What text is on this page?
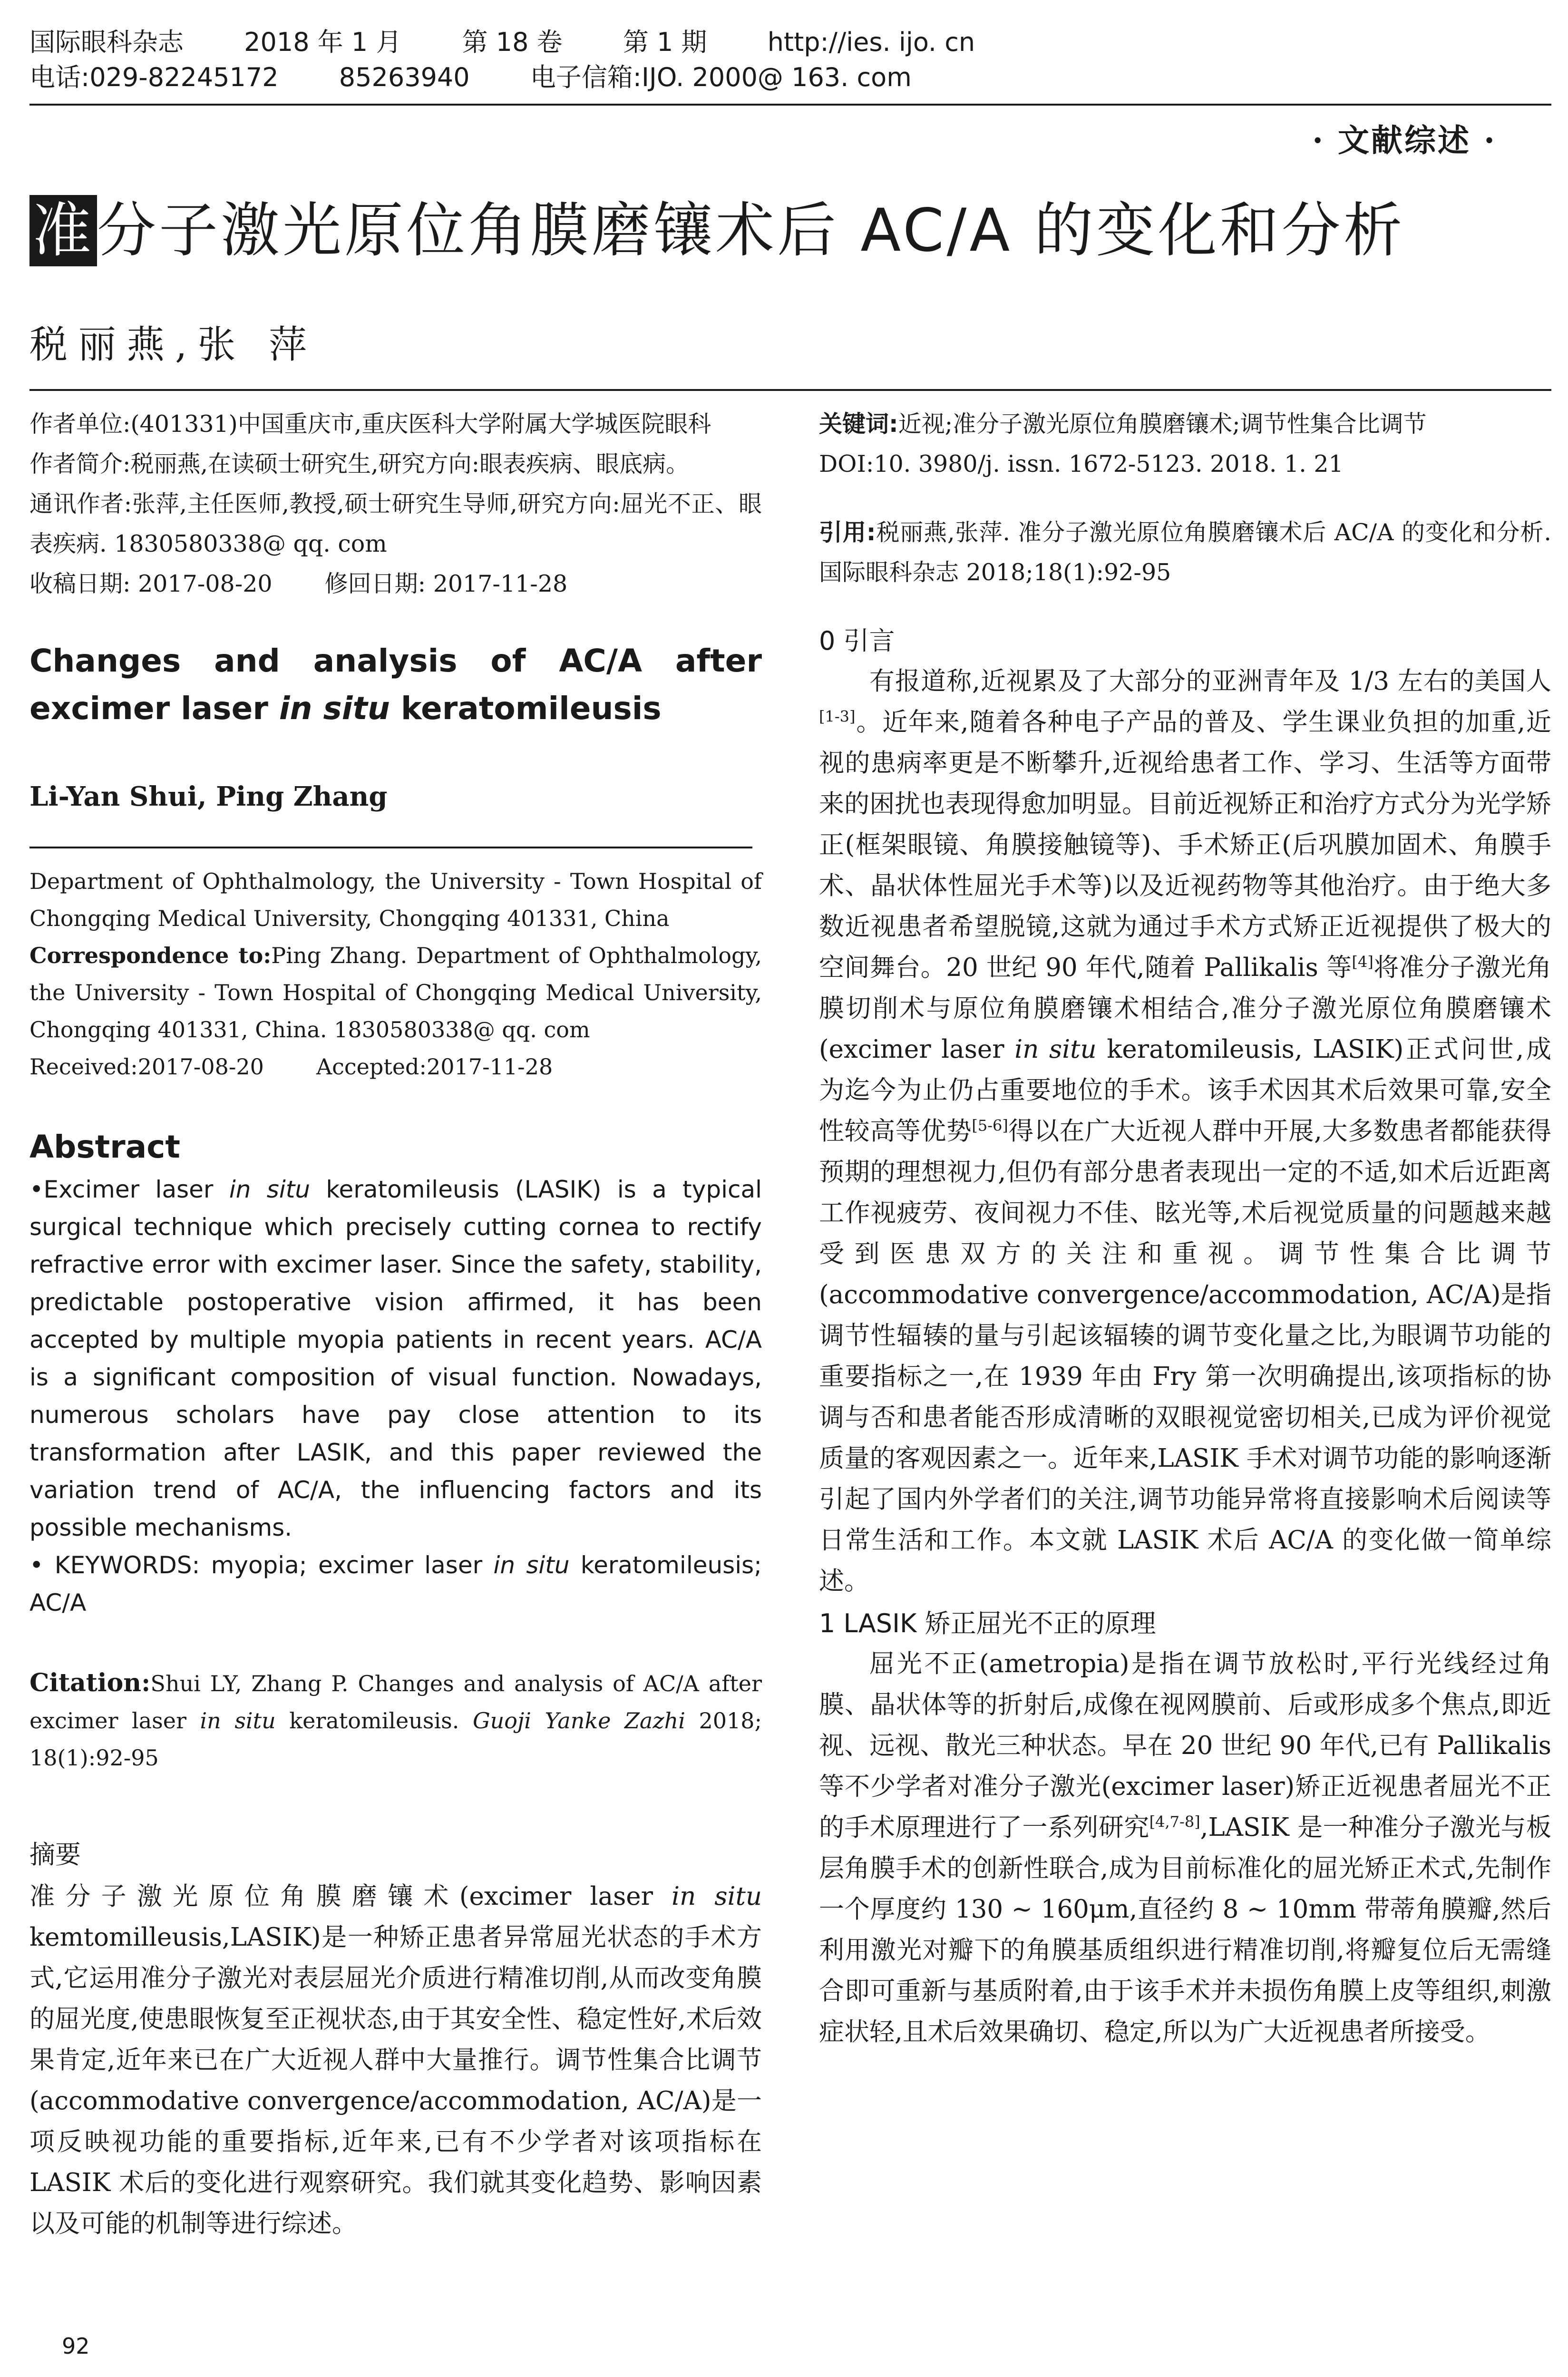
国际眼科杂志 2018 年 1 月 第 18 卷 第 1 期 http://ies. ijo. cn
电话:029-82245172 85263940 电子信箱:IJO. 2000@ 163. com
· 文献综述 ·
准分子激光原位角膜磨镶术后 AC/A 的变化和分析
税丽燕,张 萍

作者单位:(401331)中国重庆市,重庆医科大学附属大学城医院眼科

作者简介:税丽燕,在读硕士研究生,研究方向:眼表疾病、眼底病。

通讯作者:张萍,主任医师,教授,硕士研究生导师,研究方向:屈光不正、眼表疾病. 1830580338@ qq. com

收稿日期: 2017-08-20 修回日期: 2017-11-28

Changes and analysis of AC/A after excimer laser in situ keratomileusis
Li-Yan Shui, Ping Zhang

Department of Ophthalmology, the University - Town Hospital of Chongqing Medical University, Chongqing 401331, China

Correspondence to:Ping Zhang. Department of Ophthalmology, the University - Town Hospital of Chongqing Medical University, Chongqing 401331, China. 1830580338@ qq. com

Received:2017-08-20 Accepted:2017-11-28

Abstract

•Excimer laser in situ keratomileusis (LASIK) is a typical surgical technique which precisely cutting cornea to rectify refractive error with excimer laser. Since the safety, stability, predictable postoperative vision affirmed, it has been accepted by multiple myopia patients in recent years. AC/A is a significant composition of visual function. Nowadays, numerous scholars have pay close attention to its transformation after LASIK, and this paper reviewed the variation trend of AC/A, the influencing factors and its possible mechanisms.

• KEYWORDS: myopia; excimer laser in situ keratomileusis; AC/A

Citation:Shui LY, Zhang P. Changes and analysis of AC/A after excimer laser in situ keratomileusis. Guoji Yanke Zazhi 2018; 18(1):92-95

摘要

准分子激光原位角膜磨镶术(excimer laser in situ kemtomilleusis,LASIK)是一种矫正患者异常屈光状态的手术方式,它运用准分子激光对表层屈光介质进行精准切削,从而改变角膜的屈光度,使患眼恢复至正视状态,由于其安全性、稳定性好,术后效果肯定,近年来已在广大近视人群中大量推行。调节性集合比调节(accommodative convergence/accommodation, AC/A)是一项反映视功能的重要指标,近年来,已有不少学者对该项指标在 LASIK 术后的变化进行观察研究。我们就其变化趋势、影响因素以及可能的机制等进行综述。

关键词:近视;准分子激光原位角膜磨镶术;调节性集合比调节

DOI:10. 3980/j. issn. 1672-5123. 2018. 1. 21

引用:税丽燕,张萍. 准分子激光原位角膜磨镶术后 AC/A 的变化和分析. 国际眼科杂志 2018;18(1):92-95

0 引言

有报道称,近视累及了大部分的亚洲青年及 1/3 左右的美国人[1-3]。近年来,随着各种电子产品的普及、学生课业负担的加重,近视的患病率更是不断攀升,近视给患者工作、学习、生活等方面带来的困扰也表现得愈加明显。目前近视矫正和治疗方式分为光学矫正(框架眼镜、角膜接触镜等)、手术矫正(后巩膜加固术、角膜手术、晶状体性屈光手术等)以及近视药物等其他治疗。由于绝大多数近视患者希望脱镜,这就为通过手术方式矫正近视提供了极大的空间舞台。20 世纪 90 年代,随着 Pallikalis 等[4]将准分子激光角膜切削术与原位角膜磨镶术相结合,准分子激光原位角膜磨镶术(excimer laser in situ keratomileusis, LASIK)正式问世,成为迄今为止仍占重要地位的手术。该手术因其术后效果可靠,安全性较高等优势[5-6]得以在广大近视人群中开展,大多数患者都能获得预期的理想视力,但仍有部分患者表现出一定的不适,如术后近距离工作视疲劳、夜间视力不佳、眩光等,术后视觉质量的问题越来越受到医患双方的关注和重视。调节性集合比调节(accommodative convergence/accommodation, AC/A)是指调节性辐辏的量与引起该辐辏的调节变化量之比,为眼调节功能的重要指标之一,在 1939 年由 Fry 第一次明确提出,该项指标的协调与否和患者能否形成清晰的双眼视觉密切相关,已成为评价视觉质量的客观因素之一。近年来,LASIK 手术对调节功能的影响逐渐引起了国内外学者们的关注,调节功能异常将直接影响术后阅读等日常生活和工作。本文就 LASIK 术后 AC/A 的变化做一简单综述。

1 LASIK 矫正屈光不正的原理

屈光不正(ametropia)是指在调节放松时,平行光线经过角膜、晶状体等的折射后,成像在视网膜前、后或形成多个焦点,即近视、远视、散光三种状态。早在 20 世纪 90 年代,已有 Pallikalis 等不少学者对准分子激光(excimer laser)矫正近视患者屈光不正的手术原理进行了一系列研究[4,7-8],LASIK 是一种准分子激光与板层角膜手术的创新性联合,成为目前标准化的屈光矫正术式,先制作一个厚度约 130 ~ 160μm,直径约 8 ~ 10mm 带蒂角膜瓣,然后利用激光对瓣下的角膜基质组织进行精准切削,将瓣复位后无需缝合即可重新与基质附着,由于该手术并未损伤角膜上皮等组织,刺激症状轻,且术后效果确切、稳定,所以为广大近视患者所接受。

92
